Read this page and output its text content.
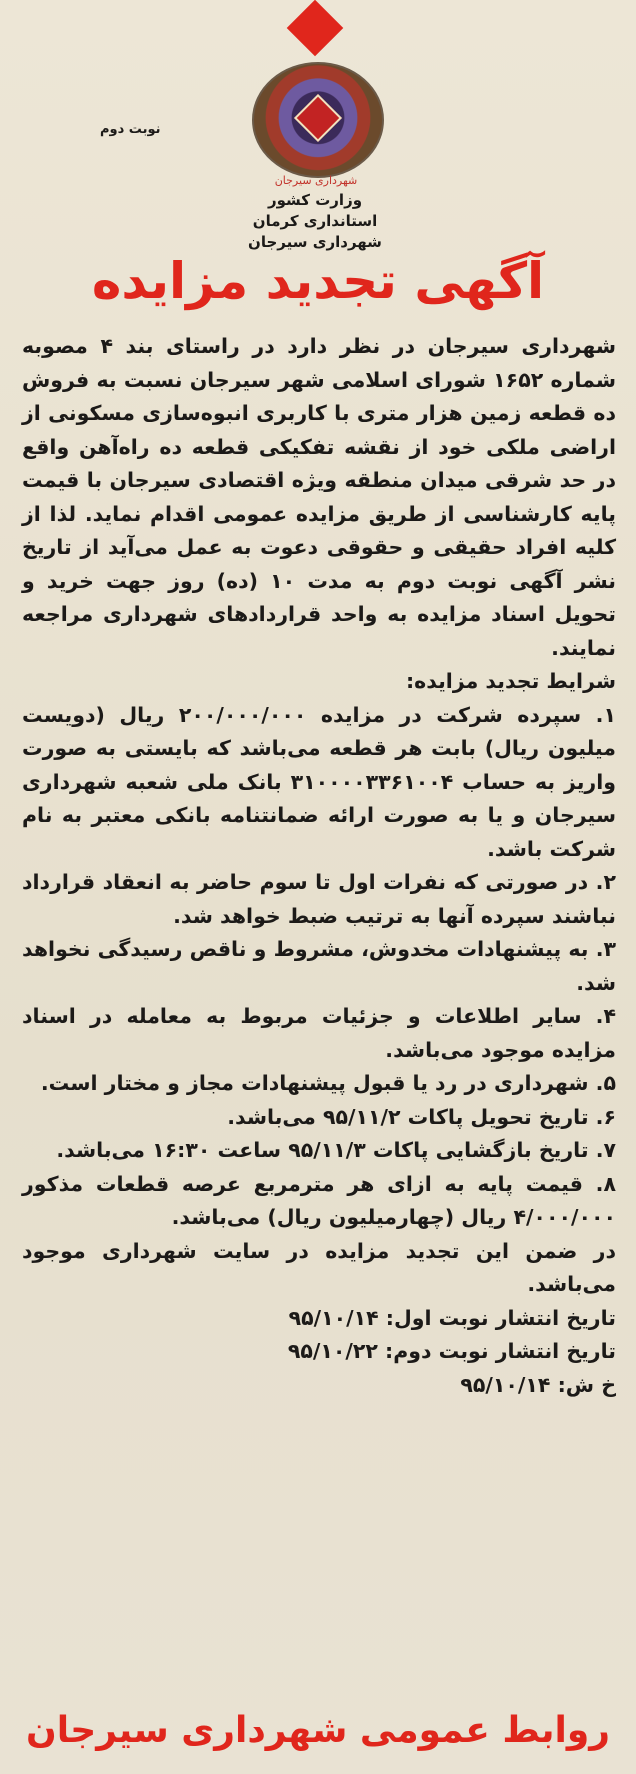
شهرداری سیرجان
نوبت دوم
وزارت کشور
استانداری کرمان
شهرداری سیرجان
آگهی تجدید مزایده

شهرداری سیرجان در نظر دارد در راستای بند ۴ مصوبه شماره ۱۶۵۲ شورای اسلامی شهر سیرجان نسبت به فروش ده قطعه زمین هزار متری با کاربری انبوه‌سازی مسکونی از اراضی ملکی خود از نقشه تفکیکی قطعه ده راه‌آهن واقع در حد شرقی میدان منطقه ویژه اقتصادی سیرجان با قیمت پایه کارشناسی از طریق مزایده عمومی اقدام نماید. لذا از کلیه افراد حقیقی و حقوقی دعوت به عمل می‌آید از تاریخ نشر آگهی نوبت دوم به مدت ۱۰ (ده) روز جهت خرید و تحویل اسناد مزایده به واحد قراردادهای شهرداری مراجعه نمایند.

شرایط تجدید مزایده:

۱. سپرده شرکت در مزایده ۲۰۰/۰۰۰/۰۰۰ ریال (دویست میلیون ریال) بابت هر قطعه می‌باشد که بایستی به صورت واریز به حساب ۳۱۰۰۰۰۳۳۶۱۰۰۴ بانک ملی شعبه شهرداری سیرجان و یا به صورت ارائه ضمانتنامه بانکی معتبر به نام شرکت باشد.

۲. در صورتی که نفرات اول تا سوم حاضر به انعقاد قرارداد نباشند سپرده آنها به ترتیب ضبط خواهد شد.

۳. به پیشنهادات مخدوش، مشروط و ناقص رسیدگی نخواهد شد.

۴. سایر اطلاعات و جزئیات مربوط به معامله در اسناد مزایده موجود می‌باشد.

۵. شهرداری در رد یا قبول پیشنهادات مجاز و مختار است.

۶. تاریخ تحویل پاکات ۹۵/۱۱/۲ می‌باشد.

۷. تاریخ بازگشایی پاکات ۹۵/۱۱/۳ ساعت ۱۶:۳۰ می‌باشد.

۸. قیمت پایه به ازای هر مترمربع عرصه قطعات مذکور ۴/۰۰۰/۰۰۰ ریال (چهارمیلیون ریال) می‌باشد.

در ضمن این تجدید مزایده در سایت شهرداری موجود می‌باشد.

تاریخ انتشار نوبت اول: ۹۵/۱۰/۱۴

تاریخ انتشار نوبت دوم: ۹۵/۱۰/۲۲

خ ش: ۹۵/۱۰/۱۴

روابط عمومی شهرداری سیرجان
